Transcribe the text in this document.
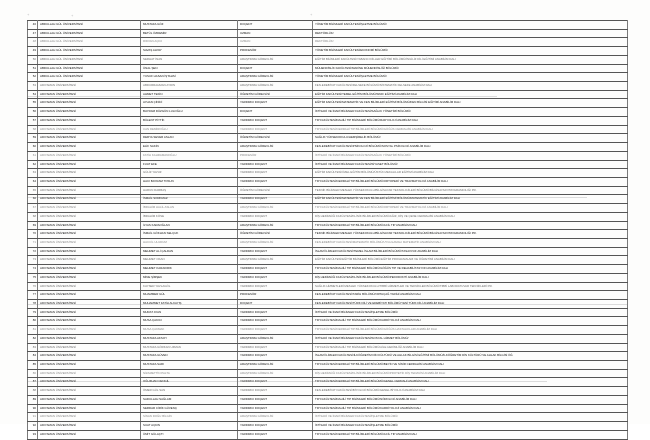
+	+	+
46	ABDULLAH GÜL ÜNİVERSİTESİ	MUSTAFA GÖZ	DOÇENT	YÖNETİM BİLİMLERİ FAKÜLTESİ/İŞLETME BÖLÜMÜ/
47	ABDULLAH GÜL ÜNİVERSİTESİ	BETÜL ÖZDEMİR	UZMAN	REKTÖRLÜK/
48	ABDULLAH GÜL ÜNİVERSİTESİ	RIDVAN AÇICI	UZMAN	REKTÖRLÜK/
49	ABDULLAH GÜL ÜNİVERSİTESİ	SAVAŞ ALPAY	PROFESÖR	YÖNETİM BİLİMLERİ FAKÜLTESİ/EKONOMİ BÖLÜMÜ/
50	ABDULLAH GÜL ÜNİVERSİTESİ	SERHAT İNAN	ARAŞTIRMA GÖREVLİSİ	EĞİTİM BİLİMLERİ FAKÜLTESİ/YABANCI DİLLER EĞİTİMİ BÖLÜMÜ/İNGİLİZ DİLİ EĞİTİMİ ANABİLİM DALI
51	ABDULLAH GÜL ÜNİVERSİTESİ	ÜNAL ŞEN	DOÇENT	MÜHENDİSLİK FAKÜLTESİ/MAKİNE MÜHENDİSLİĞİ BÖLÜMÜ/
52	ABDULLAH GÜL ÜNİVERSİTESİ	YUSUF HASAN İŞTAHSİ	ARAŞTIRMA GÖREVLİSİ	YÖNETİM BİLİMLERİ FAKÜLTESİ/İŞLETME BÖLÜMÜ/
53	ADIYAMAN ÜNİVERSİTESİ	ABDURRAHMAN AYDIN	ARAŞTIRMA GÖREVLİSİ	FEN-EDEBİYAT FAKÜLTESİ/FELSEFE BÖLÜMÜ/SİSTEMATİK FELSEFE ANABİLİM DALI
54	ADIYAMAN ÜNİVERSİTESİ	AHMET TEKİN	ÖĞRETİM GÖREVLİSİ	EĞİTİM FAKÜLTESİ/TEMEL EĞİTİM BÖLÜMÜ/SINIF EĞİTİMİ ANABİLİM DALI
55	ADIYAMAN ÜNİVERSİTESİ	AYHAN ÇİNİCİ	YARDIMCI DOÇENT	EĞİTİM FAKÜLTESİ/MATEMATİK VE FEN BİLİMLERİ EĞİTİMİ BÖLÜMÜ/FEN BİLGİSİ EĞİTİMİ ANABİLİM DALI
56	ADIYAMAN ÜNİVERSİTESİ	BAYRAM DÜZGÜN LULOĞLU	DOÇENT	İKTİSADİ VE İDARİ BİLİMLER FAKÜLTESİ/SAĞLIK YÖNETİMİ BÖLÜMÜ/
57	ADIYAMAN ÜNİVERSİTESİ	BÜLENT PİYTİK	YARDIMCI DOÇENT	TIP FAKÜLTESİ/DAHİLİ TIP BİLİMLERİ BÖLÜMÜ/RADYOLOJİ ANABİLİM DALI
58	ADIYAMAN ÜNİVERSİTESİ	CAN DEMİROĞLU	YARDIMCI DOÇENT	TIP FAKÜLTESİ/CERRAHİ TIP BİLİMLERİ BÖLÜMÜ/GÖĞÜS CERRAHİSİ ANABİLİM DALI
59	ADIYAMAN ÜNİVERSİTESİ	DERYA SEVER ASLAN	ÖĞRETİM GÖREVLİSİ	SAĞLIK YÜKSEKOKULU/HEMŞİRELİK BÖLÜMÜ/
60	ADIYAMAN ÜNİVERSİTESİ	ELİF SAKİN	ARAŞTIRMA GÖREVLİSİ	FEN-EDEBİYAT FAKÜLTESİ/PSİKOLOJİ BÖLÜMÜ/SOSYAL PSİKOLOJİ ANABİLİM DALI
61	ADIYAMAN ÜNİVERSİTESİ	FATİH KAHRAMANOĞLU	PROFESÖR	İKTİSADİ VE İDARİ BİLİMLER FAKÜLTESİ/SAĞLIK YÖNETİMİ BÖLÜMÜ/
62	ADIYAMAN ÜNİVERSİTESİ	FUAT EFE	YARDIMCI DOÇENT	İKTİSADİ VE İDARİ BİLİMLER FAKÜLTESİ/SİYASET BÖLÜMÜ/
63	ADIYAMAN ÜNİVERSİTESİ	GÜLİZ YAVUZ	YARDIMCI DOÇENT	EĞİTİM FAKÜLTESİ/ÖZEL EĞİTİM BÖLÜMÜ/ÜSTÜN ZEKALILAR EĞİTİMİ ANABİLİM DALI
64	ADIYAMAN ÜNİVERSİTESİ	HACI BAYRAM TOSUN	YARDIMCI DOÇENT	TIP FAKÜLTESİ/CERRAHİ TIP BİLİMLERİ BÖLÜMÜ/ORTOPEDİ VE TRAVMATOLOJİ ANABİLİM DALI
65	ADIYAMAN ÜNİVERSİTESİ	HARUN DARBAŞ	ÖĞRETİM GÖREVLİSİ	TEKNİK BİLİMLER MESLEK YÜKSEKOKULU/BİLGİSAYAR TEKNOLOJİLERİ BÖLÜMÜ/BİLGİSAYAR PROGRAMCILIĞI PR.
66	ADIYAMAN ÜNİVERSİTESİ	İSMAİL SORKMAZ	YARDIMCI DOÇENT	EĞİTİM FAKÜLTESİ/MATEMATİK VE FEN BİLİMLERİ EĞİTİMİ BÖLÜMÜ/MATEMATİK EĞİTİMİ ANABİLİM DALI
67	ADIYAMAN ÜNİVERSİTESİ	İBRAHİM HALİL ASLAN	ARAŞTIRMA GÖREVLİSİ	TIP FAKÜLTESİ/CERRAHİ TIP BİLİMLERİ BÖLÜMÜ/ORTOPEDİ VE TRAVMATOLOJİ ANABİLİM DALI
68	ADIYAMAN ÜNİVERSİTESİ	İBRAHİM KÖSE	YARDIMCI DOÇENT	DİŞ HEKİMLİĞİ FAKÜLTESİ/KLİNİK BİLİMLER BÖLÜMÜ/AĞIZ, DİŞ VE ÇENE CERRAHİSİ ANABİLİM DALI
69	ADIYAMAN ÜNİVERSİTESİ	İLYAS KARAOĞLAN	ARAŞTIRMA GÖREVLİSİ	TIP FAKÜLTESİ/CERRAHİ TIP BİLİMLERİ BÖLÜMÜ/ACİL TIP ANABİLİM DALI
70	ADIYAMAN ÜNİVERSİTESİ	İSMAİL GÖKHAN SELÇUK	ÖĞRETİM GÖREVLİSİ	TEKNİK BİLİMLER MESLEK YÜKSEKOKULU/BİLGİSAYAR TEKNOLOJİLERİ BÖLÜMÜ/BİLGİSAYAR PROGRAMCILIĞI PR.
71	ADIYAMAN ÜNİVERSİTESİ	HACCİL ULUDUM	ARAŞTIRMA GÖREVLİSİ	FEN-EDEBİYAT FAKÜLTESİ/MATEMATİK BÖLÜMÜ/UYGULAMALI MATEMATİK ANABİLİM DALI
72	ADIYAMAN ÜNİVERSİTESİ	MEHMET ALİ ÇALDAN	YARDIMCI DOÇENT	İSLAMİ İLİMLER FAKÜLTESİ/TEMEL İSLAM BİLİMLERİ BÖLÜMÜ/TASAVVUF ANABİLİM DALI
73	ADIYAMAN ÜNİVERSİTESİ	MEHMET OKAN	ARAŞTIRMA GÖREVLİSİ	EĞİTİM FAKÜLTESİ/EĞİTİM BİLİMLERİ BÖLÜMÜ/EĞİTİM PROGRAMLARI VE ÖĞRETİMİ ANABİLİM DALI
74	ADIYAMAN ÜNİVERSİTESİ	MEHMET KARAKIRIK	YARDIMCI DOÇENT	TIP FAKÜLTESİ/DAHİLİ TIP BİLİMLERİ BÖLÜMÜ/GÖĞÜS TIP VE REHABİLİTASYON ANABİLİM DALI
75	ADIYAMAN ÜNİVERSİTESİ	MİNE ŞİMŞEK	YARDIMCI DOÇENT	DİŞ HEKİMLİĞİ FAKÜLTESİ/KLİNİK BİLİMLER BÖLÜMÜ/PEDODONTİ ANABİLİM DALI
76	ADIYAMAN ÜNİVERSİTESİ	KAYSER YAVLAGÖL	YARDIMCI DOÇENT	SAĞLIK HİZMETLERİ MESLEK YÜKSEKOKULU/TIBBİ HİZMETLER VE TEKNİKLER BÖLÜMÜ/TIBBİ LABORATUVAR TEKNİKLERİ PR.
77	ADIYAMAN ÜNİVERSİTESİ	MUAMMER GÜL	PROFESÖR	FEN-EDEBİYAT FAKÜLTESİ/TARİH BÖLÜMÜ/ORTAÇAĞ TARİHİ ANABİLİM DALI
78	ADIYAMAN ÜNİVERSİTESİ	MUHAMMET FATİH ALKAYIŞ	DOÇENT	FEN-EDEBİYAT FAKÜLTESİ/TÜRK DİLİ VE EDEBİYATI BÖLÜMÜ/YENİ TÜRK DİLİ ANABİLİM DALI
79	ADIYAMAN ÜNİVERSİTESİ	MURAT AYAN	YARDIMCI DOÇENT	İKTİSADİ VE İDARİ BİLİMLER FAKÜLTESİ/İŞLETME BÖLÜMÜ/
80	ADIYAMAN ÜNİVERSİTESİ	MUSA ÇAKICI	YARDIMCI DOÇENT	TIP FAKÜLTESİ/DAHİLİ TIP BİLİMLERİ BÖLÜMÜ/KARDİYOLOJİ ANABİLİM DALI
81	ADIYAMAN ÜNİVERSİTESİ	MUSA ÇAKMAK	YARDIMCI DOÇENT	TIP FAKÜLTESİ/CERRAHİ TIP BİLİMLERİ BÖLÜMÜ/GÖĞÜS HASTALIKLARI ANABİLİM DALI
82	ADIYAMAN ÜNİVERSİTESİ	MUSTAFA AKSOY	ARAŞTIRMA GÖREVLİSİ	İKTİSADİ VE İDARİ BİLİMLER FAKÜLTESİ/SOSYAL HİZMET BÖLÜMÜ/
83	ADIYAMAN ÜNİVERSİTESİ	MUSTAFA GÖRKAN UZMAN	YARDIMCI DOÇENT	TIP FAKÜLTESİ/DAHİLİ TIP BİLİMLERİ BÖLÜMÜ/AİLE HEKİMLİĞİ ANABİLİM DALI
84	ADIYAMAN ÜNİVERSİTESİ	MUSTAFA GÜVEN	YARDIMCI DOÇENT	İSLAMİ İLİMLER FAKÜLTESİ/İLKÖĞRETİM DİN KÜLTÜRÜ VE AHLAK BİLGİSİ EĞİTİMİ BÖLÜMÜ/İLKÖĞRETİM DİN KÜLTÜRÜ VE AHLAK BİLGİSİ ÖĞ
85	ADIYAMAN ÜNİVERSİTESİ	MUSTAFA SARI	ARAŞTIRMA GÖREVLİSİ	TIP FAKÜLTESİ/CERRAHİ TIP BİLİMLERİ BÖLÜMÜ/BEYİN VE SİNİR CERRAHİSİ ANABİLİM DALI
86	ADIYAMAN ÜNİVERSİTESİ	NİZAMETTİN PALTA	ARAŞTIRMA GÖREVLİSİ	DİŞ HEKİMLİĞİ FAKÜLTESİ/KLİNİK BİLİMLER BÖLÜMÜ/PROTETİK DİŞ TEDAVİSİ ANABİLİM DALI
87	ADIYAMAN ÜNİVERSİTESİ	OĞUZHAN CENGİL	YARDIMCI DOÇENT	TIP FAKÜLTESİ/CERRAHİ TIP BİLİMLERİ BÖLÜMÜ/GENEL CERRAHİ ANABİLİM DALI
88	ADIYAMAN ÜNİVERSİTESİ	ÖMER GÜL SAN	YARDIMCI DOÇENT	FEN-EDEBİYAT FAKÜLTESİ/BİYOLOJİ BÖLÜMÜ/GENEL BİYOLOJİ ANABİLİM DALI
89	ADIYAMAN ÜNİVERSİTESİ	SADULLAH SAĞLAM	YARDIMCI DOÇENT	TIP FAKÜLTESİ/DAHİLİ TIP BİLİMLERİ BÖLÜMÜ/NÖROLOJİ ANABİLİM DALI
90	ADIYAMAN ÜNİVERSİTESİ	SERDAR CİRİK GÜVENÇ	YARDIMCI DOÇENT	TIP FAKÜLTESİ/DAHİLİ TIP BİLİMLERİ BÖLÜMÜ/KARDİYOLOJİ ANABİLİM DALI
91	ADIYAMAN ÜNİVERSİTESİ	SİNAN DOĞU BİLGİN	ARAŞTIRMA GÖREVLİSİ	İKTİSADİ VE İDARİ BİLİMLER FAKÜLTESİ/İŞLETME BÖLÜMÜ/
92	ADIYAMAN ÜNİVERSİTESİ	SUAT AÇKIN	YARDIMCI DOÇENT	İKTİSADİ VE İDARİ BİLİMLER FAKÜLTESİ/İŞLETME BÖLÜMÜ/
93	ADIYAMAN ÜNİVERSİTESİ	ÜMİT GÜLAÇTI	YARDIMCI DOÇENT	TIP FAKÜLTESİ/CERRAHİ TIP BİLİMLERİ BÖLÜMÜ/ACİL TIP ANABİLİM DALI
